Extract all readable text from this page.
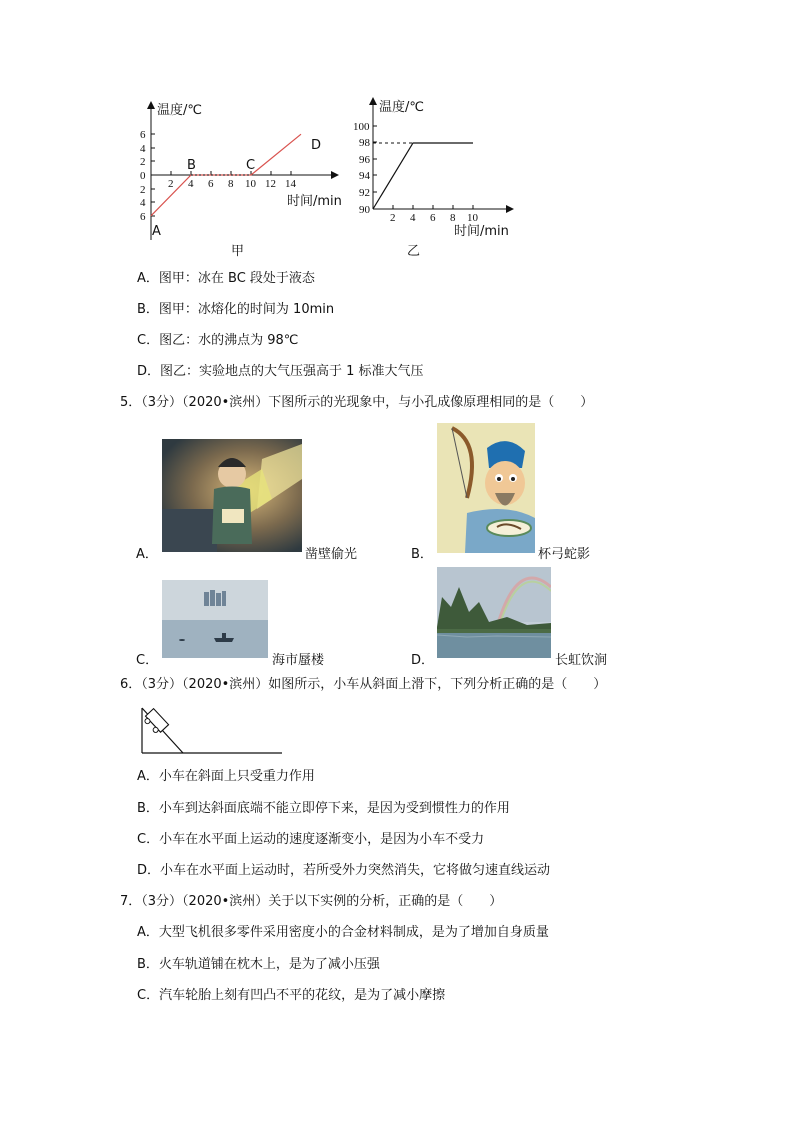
温度/℃
6
4
2
0
2
4
6
2 4 6 8 10 12 14
时间/min
A
B	C
D
甲
温度/℃
100
98
96
94
92
90
2 4 6 8 10
时间/min
乙
A．图甲：冰在 BC 段处于液态
B．图甲：冰熔化的时间为 10min
C．图乙：水的沸点为 98℃
D．图乙：实验地点的大气压强高于 1 标准大气压
5．（3分）（2020•滨州）下图所示的光现象中，与小孔成像原理相同的是（　　）
A．	凿壁偷光	B．	杯弓蛇影
C．	海市蜃楼	D．	长虹饮涧
6．（3分）（2020•滨州）如图所示，小车从斜面上滑下，下列分析正确的是（　　）
A．小车在斜面上只受重力作用
B．小车到达斜面底端不能立即停下来，是因为受到惯性力的作用
C．小车在水平面上运动的速度逐渐变小，是因为小车不受力
D．小车在水平面上运动时，若所受外力突然消失，它将做匀速直线运动
7．（3分）（2020•滨州）关于以下实例的分析，正确的是（　　）
A．大型飞机很多零件采用密度小的合金材料制成，是为了增加自身质量
B．火车轨道铺在枕木上，是为了减小压强
C．汽车轮胎上刻有凹凸不平的花纹，是为了减小摩擦
